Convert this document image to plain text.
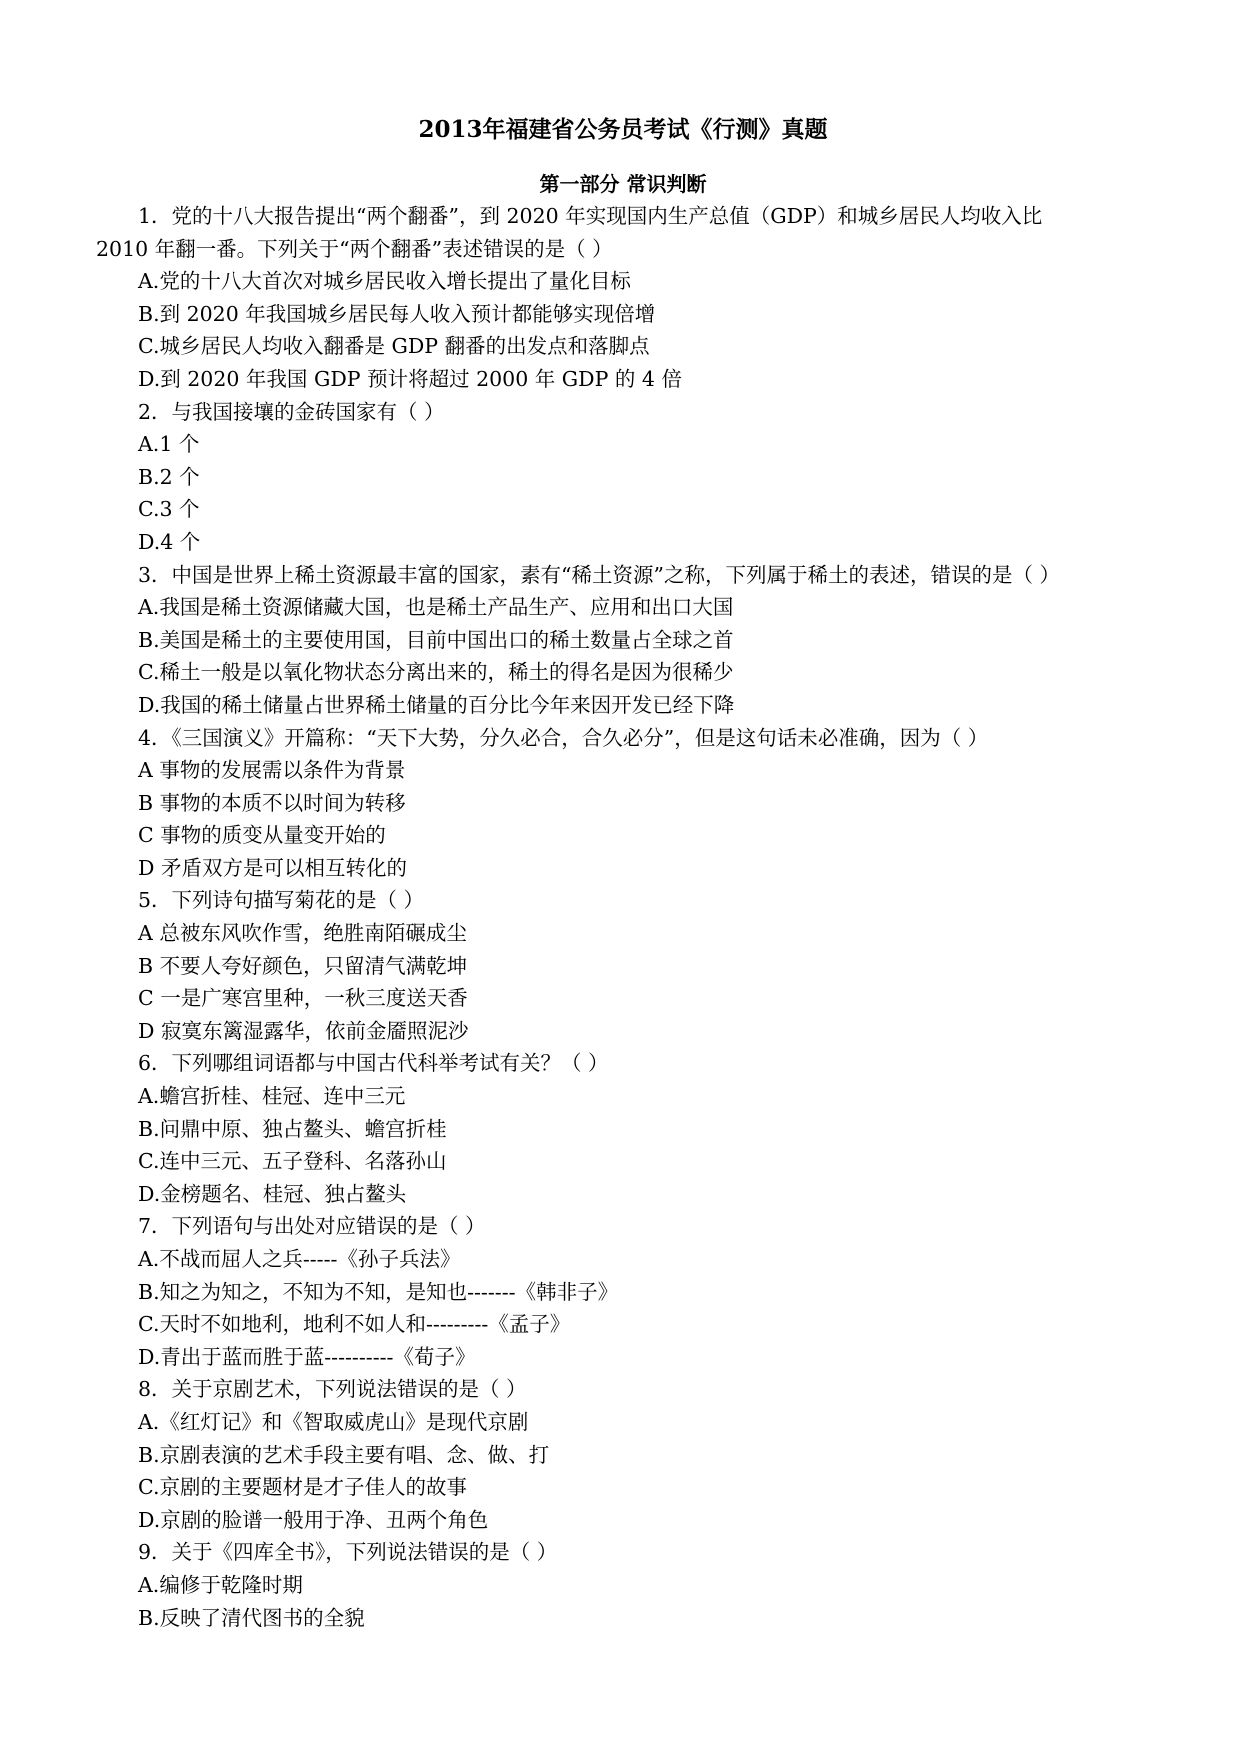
2013年福建省公务员考试《行测》真题
第一部分 常识判断
1．党的十八大报告提出“两个翻番”，到 2020 年实现国内生产总值（GDP）和城乡居民人均收入比
2010 年翻一番。下列关于“两个翻番”表述错误的是（ ）
A.党的十八大首次对城乡居民收入增长提出了量化目标
B.到 2020 年我国城乡居民每人收入预计都能够实现倍增
C.城乡居民人均收入翻番是 GDP 翻番的出发点和落脚点
D.到 2020 年我国 GDP 预计将超过 2000 年 GDP 的 4 倍
2．与我国接壤的金砖国家有（ ）
A.1 个
B.2 个
C.3 个
D.4 个
3．中国是世界上稀土资源最丰富的国家，素有“稀土资源”之称，下列属于稀土的表述，错误的是（ ）
A.我国是稀土资源储藏大国，也是稀土产品生产、应用和出口大国
B.美国是稀土的主要使用国，目前中国出口的稀土数量占全球之首
C.稀土一般是以氧化物状态分离出来的，稀土的得名是因为很稀少
D.我国的稀土储量占世界稀土储量的百分比今年来因开发已经下降
4．《三国演义》开篇称：“天下大势，分久必合，合久必分”，但是这句话未必准确，因为（ ）
A 事物的发展需以条件为背景
B 事物的本质不以时间为转移
C 事物的质变从量变开始的
D 矛盾双方是可以相互转化的
5．下列诗句描写菊花的是（ ）
A 总被东风吹作雪，绝胜南陌碾成尘
B 不要人夸好颜色，只留清气满乾坤
C 一是广寒宫里种，一秋三度送天香
D 寂寞东篱湿露华，依前金靥照泥沙
6．下列哪组词语都与中国古代科举考试有关？（ ）
A.蟾宫折桂、桂冠、连中三元
B.问鼎中原、独占鳌头、蟾宫折桂
C.连中三元、五子登科、名落孙山
D.金榜题名、桂冠、独占鳌头
7．下列语句与出处对应错误的是（ ）
A.不战而屈人之兵-----《孙子兵法》
B.知之为知之，不知为不知，是知也-------《韩非子》
C.天时不如地利，地利不如人和---------《孟子》
D.青出于蓝而胜于蓝----------《荀子》
8．关于京剧艺术，下列说法错误的是（ ）
A.《红灯记》和《智取威虎山》是现代京剧
B.京剧表演的艺术手段主要有唱、念、做、打
C.京剧的主要题材是才子佳人的故事
D.京剧的脸谱一般用于净、丑两个角色
9．关于《四库全书》，下列说法错误的是（ ）
A.编修于乾隆时期
B.反映了清代图书的全貌
